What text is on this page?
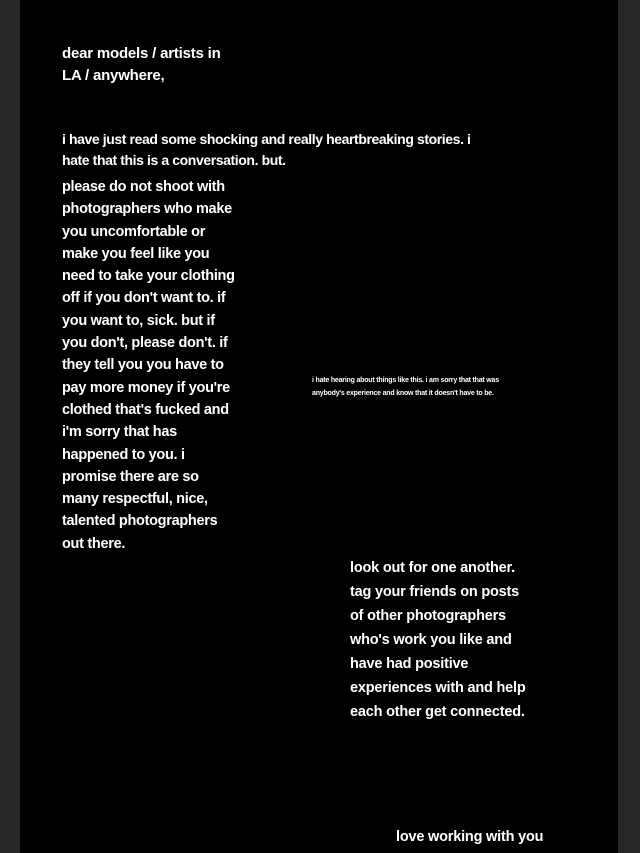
dear models / artists in
LA / anywhere,

i have just read some shocking and really heartbreaking stories. i
hate that this is a conversation. but.

please do not shoot with
photographers who make
you uncomfortable or
make you feel like you
need to take your clothing
off if you don't want to. if
you want to, sick. but if
you don't, please don't. if
they tell you you have to
pay more money if you're
clothed that's fucked and
i'm sorry that has
happened to you. i
promise there are so
many respectful, nice,
talented photographers
out there.

i hate hearing about things like this. i am sorry that that was
anybody's experience and know that it doesn't have to be.

look out for one another.
tag your friends on posts
of other photographers
who's work you like and
have had positive
experiences with and help
each other get connected.

love working with you
